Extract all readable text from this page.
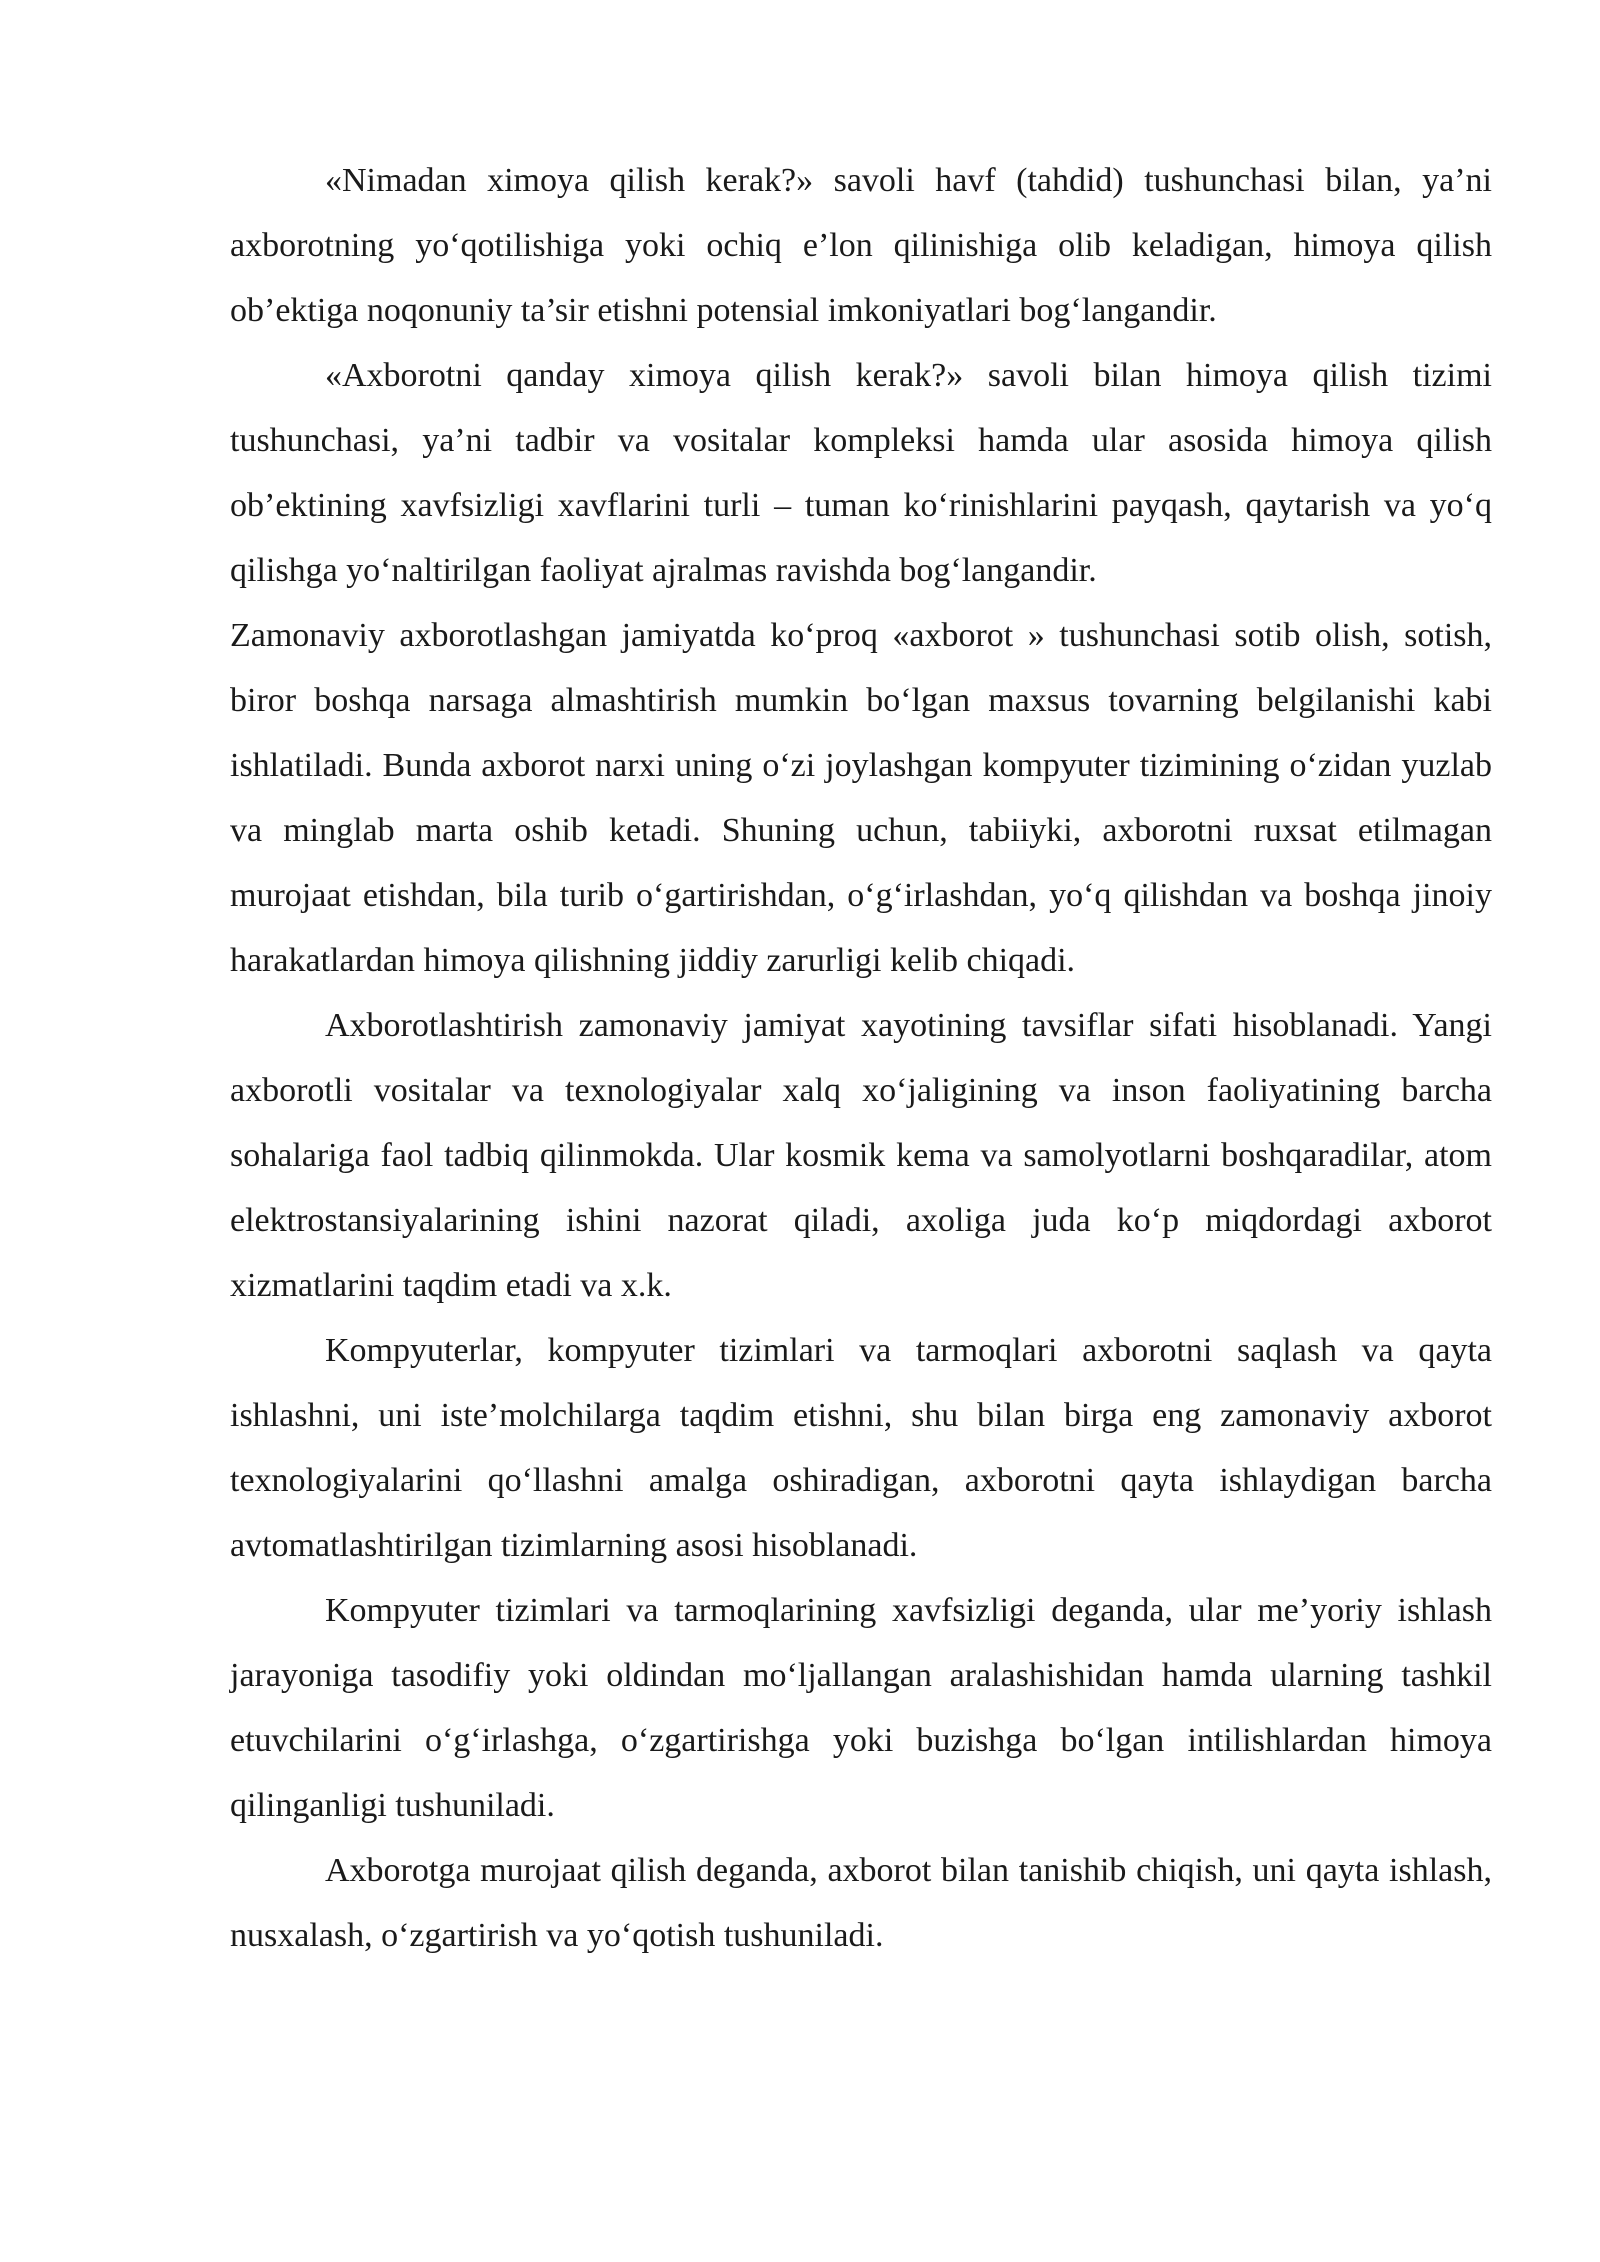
«Nimadan ximoya qilish kerak?» savoli havf (tahdid) tushunchasi bilan, ya’ni axborotning yo‘qotilishiga yoki ochiq e’lon qilinishiga olib keladigan, himoya qilish ob’ektiga noqonuniy ta’sir etishni potensial imkoniyatlari bog‘langandir.

«Axborotni qanday ximoya qilish kerak?» savoli bilan himoya qilish tizimi tushunchasi, ya’ni tadbir va vositalar kompleksi hamda ular asosida himoya qilish ob’ektining xavfsizligi xavflarini turli – tuman ko‘rinishlarini payqash, qaytarish va yo‘q qilishga yo‘naltirilgan faoliyat ajralmas ravishda bog‘langandir.

Zamonaviy axborotlashgan jamiyatda ko‘proq «axborot » tushunchasi sotib olish, sotish, biror boshqa narsaga almashtirish mumkin bo‘lgan maxsus tovarning belgilanishi kabi ishlatiladi. Bunda axborot narxi uning o‘zi joylashgan kompyuter tizimining o‘zidan yuzlab va minglab marta oshib ketadi. Shuning uchun, tabiiyki, axborotni ruxsat etilmagan murojaat etishdan, bila turib o‘gartirishdan, o‘g‘irlashdan, yo‘q qilishdan va boshqa jinoiy harakatlardan himoya qilishning jiddiy zarurligi kelib chiqadi.

Axborotlashtirish zamonaviy jamiyat xayotining tavsiflar sifati hisoblanadi. Yangi axborotli vositalar va texnologiyalar xalq xo‘jaligining va inson faoliyatining barcha sohalariga faol tadbiq qilinmokda. Ular kosmik kema va samolyotlarni boshqaradilar, atom elektrostansiyalarining ishini nazorat qiladi, axoliga juda ko‘p miqdordagi axborot xizmatlarini taqdim etadi va x.k.

Kompyuterlar, kompyuter tizimlari va tarmoqlari axborotni saqlash va qayta ishlashni, uni iste’molchilarga taqdim etishni, shu bilan birga eng zamonaviy axborot texnologiyalarini qo‘llashni amalga oshiradigan, axborotni qayta ishlaydigan barcha avtomatlashtirilgan tizimlarning asosi hisoblanadi.

Kompyuter tizimlari va tarmoqlarining xavfsizligi deganda, ular me’yoriy ishlash jarayoniga tasodifiy yoki oldindan mo‘ljallangan aralashishidan hamda ularning tashkil etuvchilarini o‘g‘irlashga, o‘zgartirishga yoki buzishga bo‘lgan intilishlardan himoya qilinganligi tushuniladi.

Axborotga murojaat qilish deganda, axborot bilan tanishib chiqish, uni qayta ishlash, nusxalash, o‘zgartirish va yo‘qotish tushuniladi.
